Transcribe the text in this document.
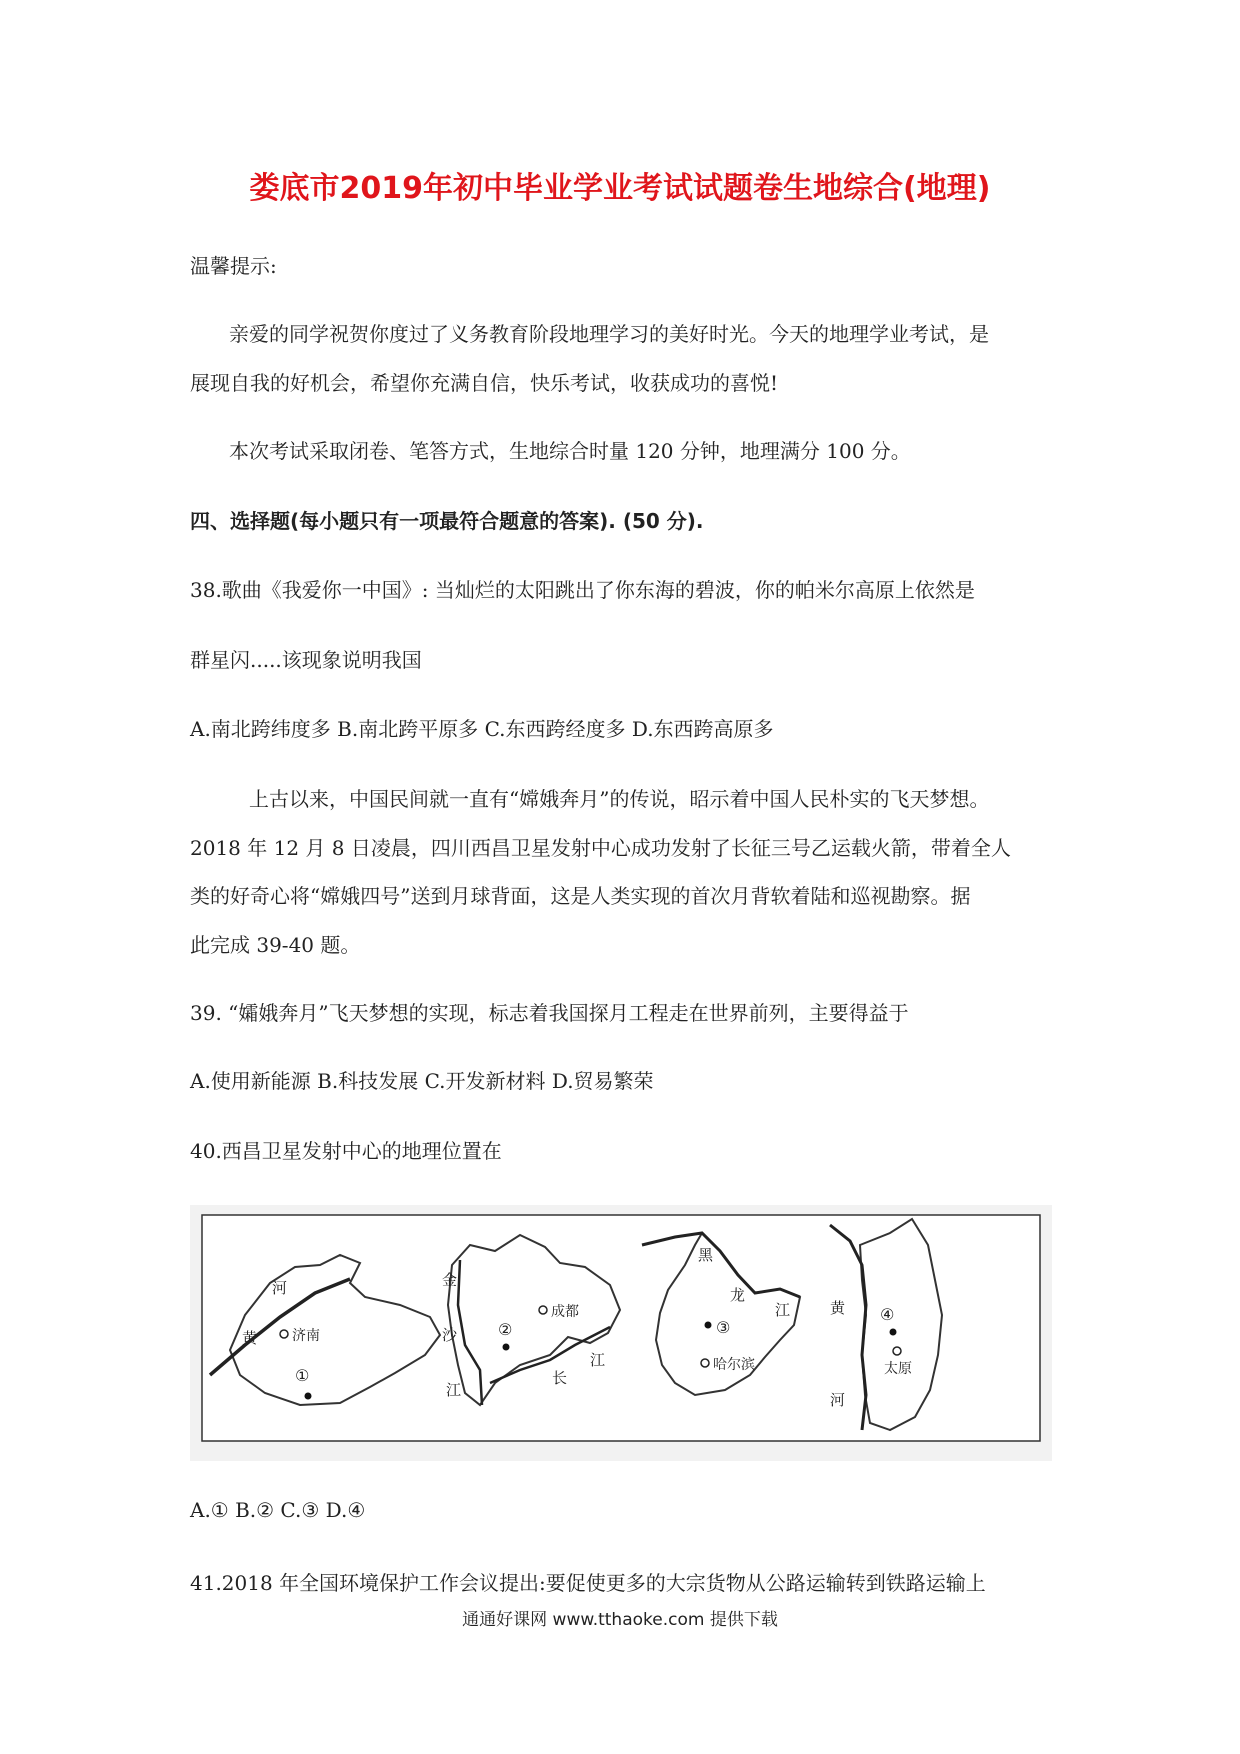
娄底市2019年初中毕业学业考试试题卷生地综合(地理)
温馨提示:
亲爱的同学祝贺你度过了义务教育阶段地理学习的美好时光。今天的地理学业考试，是
展现自我的好机会，希望你充满自信，快乐考试，收获成功的喜悦!
本次考试采取闭卷、笔答方式，生地综合时量 120 分钟，地理满分 100 分。
四、选择题(每小题只有一项最符合题意的答案). (50 分).
38.歌曲《我爱你一中国》: 当灿烂的太阳跳出了你东海的碧波，你的帕米尔高原上依然是
群星闪.....该现象说明我国
A.南北跨纬度多 B.南北跨平原多 C.东西跨经度多 D.东西跨高原多
上古以来，中国民间就一直有“嫦娥奔月”的传说，昭示着中国人民朴实的飞天梦想。
2018 年 12 月 8 日凌晨，四川西昌卫星发射中心成功发射了长征三号乙运载火箭，带着全人
类的好奇心将“嫦娥四号”送到月球背面，这是人类实现的首次月背软着陆和巡视勘察。据
此完成 39-40 题。
39. “孀娥奔月”飞天梦想的实现，标志着我国探月工程走在世界前列，主要得益于
A.使用新能源 B.科技发展 C.开发新材料 D.贸易繁荣
40.西昌卫星发射中心的地理位置在
河
黄 济南
①
金
沙
江
长
江
成都
②
黑
龙
江
③
哈尔滨
黄
河
④
太原
A.① B.② C.③ D.④
41.2018 年全国环境保护工作会议提出:要促使更多的大宗货物从公路运输转到铁路运输上
通通好课网 www.tthaoke.com 提供下载
